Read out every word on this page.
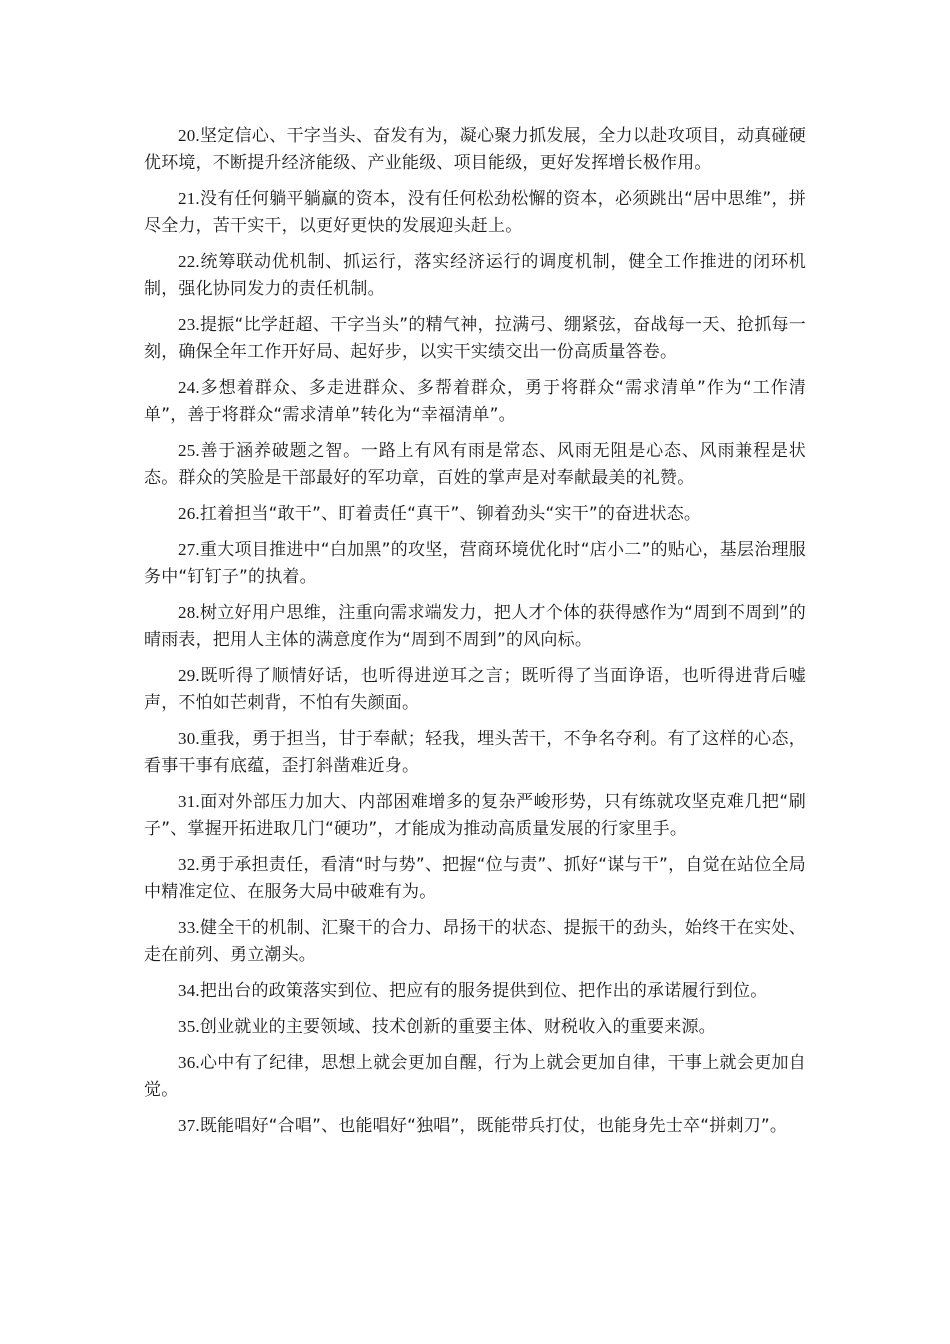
20.坚定信心、干字当头、奋发有为，凝心聚力抓发展，全力以赴攻项目，动真碰硬优环境，不断提升经济能级、产业能级、项目能级，更好发挥增长极作用。

21.没有任何躺平躺赢的资本，没有任何松劲松懈的资本，必须跳出“居中思维”，拼尽全力，苦干实干，以更好更快的发展迎头赶上。

22.统筹联动优机制、抓运行，落实经济运行的调度机制，健全工作推进的闭环机制，强化协同发力的责任机制。

23.提振“比学赶超、干字当头”的精气神，拉满弓、绷紧弦，奋战每一天、抢抓每一刻，确保全年工作开好局、起好步，以实干实绩交出一份高质量答卷。

24.多想着群众、多走进群众、多帮着群众，勇于将群众“需求清单”作为“工作清单”，善于将群众“需求清单”转化为“幸福清单”。

25.善于涵养破题之智。一路上有风有雨是常态、风雨无阻是心态、风雨兼程是状态。群众的笑脸是干部最好的军功章，百姓的掌声是对奉献最美的礼赞。

26.扛着担当“敢干”、盯着责任“真干”、铆着劲头“实干”的奋进状态。

27.重大项目推进中“白加黑”的攻坚，营商环境优化时“店小二”的贴心，基层治理服务中“钉钉子”的执着。

28.树立好用户思维，注重向需求端发力，把人才个体的获得感作为“周到不周到”的晴雨表，把用人主体的满意度作为“周到不周到”的风向标。

29.既听得了顺情好话，也听得进逆耳之言；既听得了当面诤语，也听得进背后嘘声，不怕如芒刺背，不怕有失颜面。

30.重我，勇于担当，甘于奉献；轻我，埋头苦干，不争名夺利。有了这样的心态，看事干事有底蕴，歪打斜凿难近身。

31.面对外部压力加大、内部困难增多的复杂严峻形势，只有练就攻坚克难几把“刷子”、掌握开拓进取几门“硬功”，才能成为推动高质量发展的行家里手。

32.勇于承担责任，看清“时与势”、把握“位与责”、抓好“谋与干”，自觉在站位全局中精准定位、在服务大局中破难有为。

33.健全干的机制、汇聚干的合力、昂扬干的状态、提振干的劲头，始终干在实处、走在前列、勇立潮头。

34.把出台的政策落实到位、把应有的服务提供到位、把作出的承诺履行到位。

35.创业就业的主要领域、技术创新的重要主体、财税收入的重要来源。

36.心中有了纪律，思想上就会更加自醒，行为上就会更加自律，干事上就会更加自觉。

37.既能唱好“合唱”、也能唱好“独唱”，既能带兵打仗，也能身先士卒“拼刺刀”。
